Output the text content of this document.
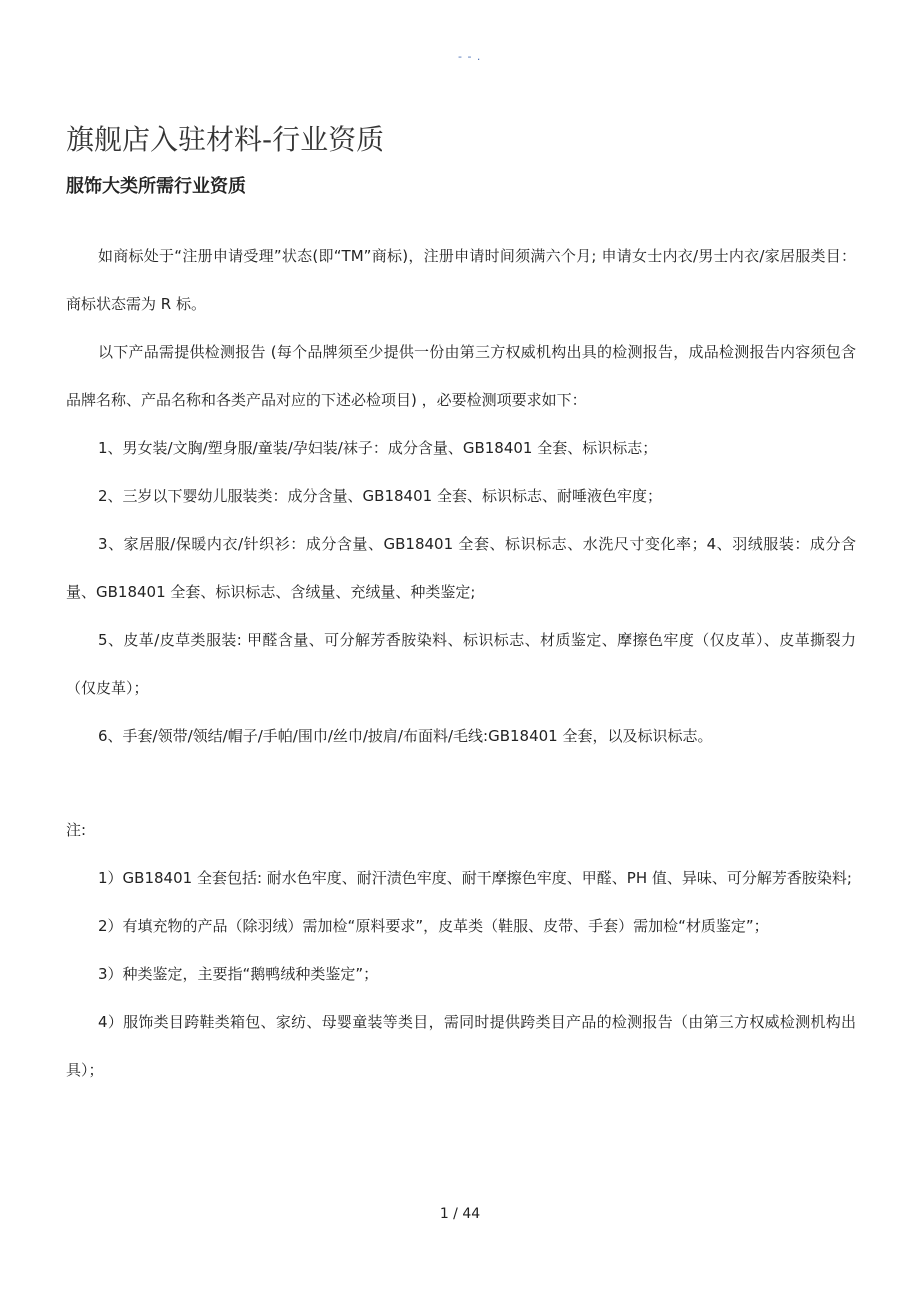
- - .
旗舰店入驻材料-行业资质
服饰大类所需行业资质

如商标处于“注册申请受理”状态(即“TM”商标)，注册申请时间须满六个月; 申请女士内衣/男士内衣/家居服类目：商标状态需为 R 标。

以下产品需提供检测报告 (每个品牌须至少提供一份由第三方权威机构出具的检测报告，成品检测报告内容须包含品牌名称、产品名称和各类产品对应的下述必检项目) ，必要检测项要求如下：

1、男女装/文胸/塑身服/童装/孕妇装/袜子：成分含量、GB18401 全套、标识标志；

2、三岁以下婴幼儿服装类：成分含量、GB18401 全套、标识标志、耐唾液色牢度；

3、家居服/保暖内衣/针织衫：成分含量、GB18401 全套、标识标志、水洗尺寸变化率；4、羽绒服装：成分含量、GB18401 全套、标识标志、含绒量、充绒量、种类鉴定;

5、皮革/皮草类服装: 甲醛含量、可分解芳香胺染料、标识标志、材质鉴定、摩擦色牢度（仅皮革）、皮革撕裂力（仅皮革）；

6、手套/领带/领结/帽子/手帕/围巾/丝巾/披肩/布面料/毛线:GB18401 全套，以及标识标志。

注:

1）GB18401 全套包括: 耐水色牢度、耐汗渍色牢度、耐干摩擦色牢度、甲醛、PH 值、异味、可分解芳香胺染料;

2）有填充物的产品（除羽绒）需加检“原料要求”，皮革类（鞋服、皮带、手套）需加检“材质鉴定”；

3）种类鉴定，主要指“鹅鸭绒种类鉴定”；

4）服饰类目跨鞋类箱包、家纺、母婴童装等类目，需同时提供跨类目产品的检测报告（由第三方权威检测机构出具）；

1 / 44
